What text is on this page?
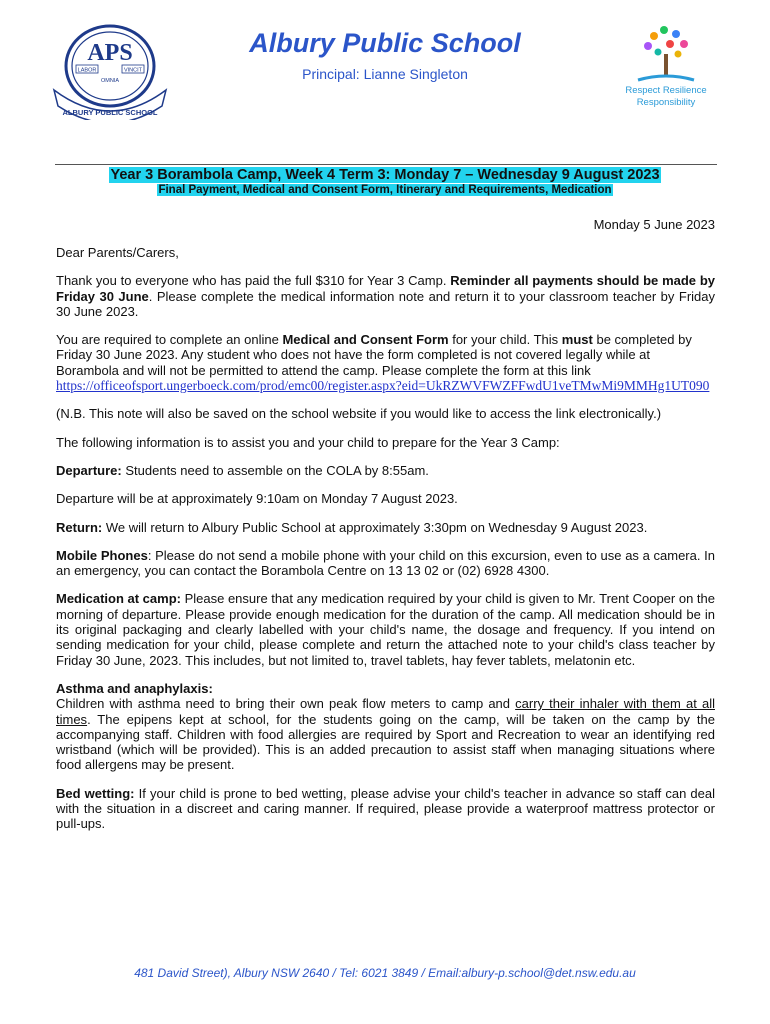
APS
LABOR	VINCIT
OMNIA
ALBURY PUBLIC SCHOOL
Albury Public School
Principal: Lianne Singleton
Respect Resilience
Responsibility
Year 3 Borambola Camp, Week 4 Term 3: Monday 7 – Wednesday 9 August 2023
Final Payment, Medical and Consent Form, Itinerary and Requirements, Medication
Monday 5 June 2023

Dear Parents/Carers,

Thank you to everyone who has paid the full $310 for Year 3 Camp. Reminder all payments should be made by Friday 30 June. Please complete the medical information note and return it to your classroom teacher by Friday 30 June 2023.

You are required to complete an online Medical and Consent Form for your child. This must be completed by Friday 30 June 2023. Any student who does not have the form completed is not covered legally while at Borambola and will not be permitted to attend the camp. Please complete the form at this link
https://officeofsport.ungerboeck.com/prod/emc00/register.aspx?eid=UkRZWVFWZFFwdU1veTMwMi9MMHg1UT090

(N.B. This note will also be saved on the school website if you would like to access the link electronically.)

The following information is to assist you and your child to prepare for the Year 3 Camp:

Departure: Students need to assemble on the COLA by 8:55am.

Departure will be at approximately 9:10am on Monday 7 August 2023.

Return: We will return to Albury Public School at approximately 3:30pm on Wednesday 9 August 2023.

Mobile Phones: Please do not send a mobile phone with your child on this excursion, even to use as a camera. In an emergency, you can contact the Borambola Centre on 13 13 02 or (02) 6928 4300.

Medication at camp: Please ensure that any medication required by your child is given to Mr. Trent Cooper on the morning of departure. Please provide enough medication for the duration of the camp. All medication should be in its original packaging and clearly labelled with your child's name, the dosage and frequency. If you intend on sending medication for your child, please complete and return the attached note to your child's class teacher by Friday 30 June, 2023. This includes, but not limited to, travel tablets, hay fever tablets, melatonin etc.

Asthma and anaphylaxis:
Children with asthma need to bring their own peak flow meters to camp and carry their inhaler with them at all times. The epipens kept at school, for the students going on the camp, will be taken on the camp by the accompanying staff. Children with food allergies are required by Sport and Recreation to wear an identifying red wristband (which will be provided). This is an added precaution to assist staff when managing situations where food allergens may be present.

Bed wetting: If your child is prone to bed wetting, please advise your child's teacher in advance so staff can deal with the situation in a discreet and caring manner. If required, please provide a waterproof mattress protector or pull-ups.

481 David Street), Albury NSW 2640 / Tel: 6021 3849 / Email:albury-p.school@det.nsw.edu.au
